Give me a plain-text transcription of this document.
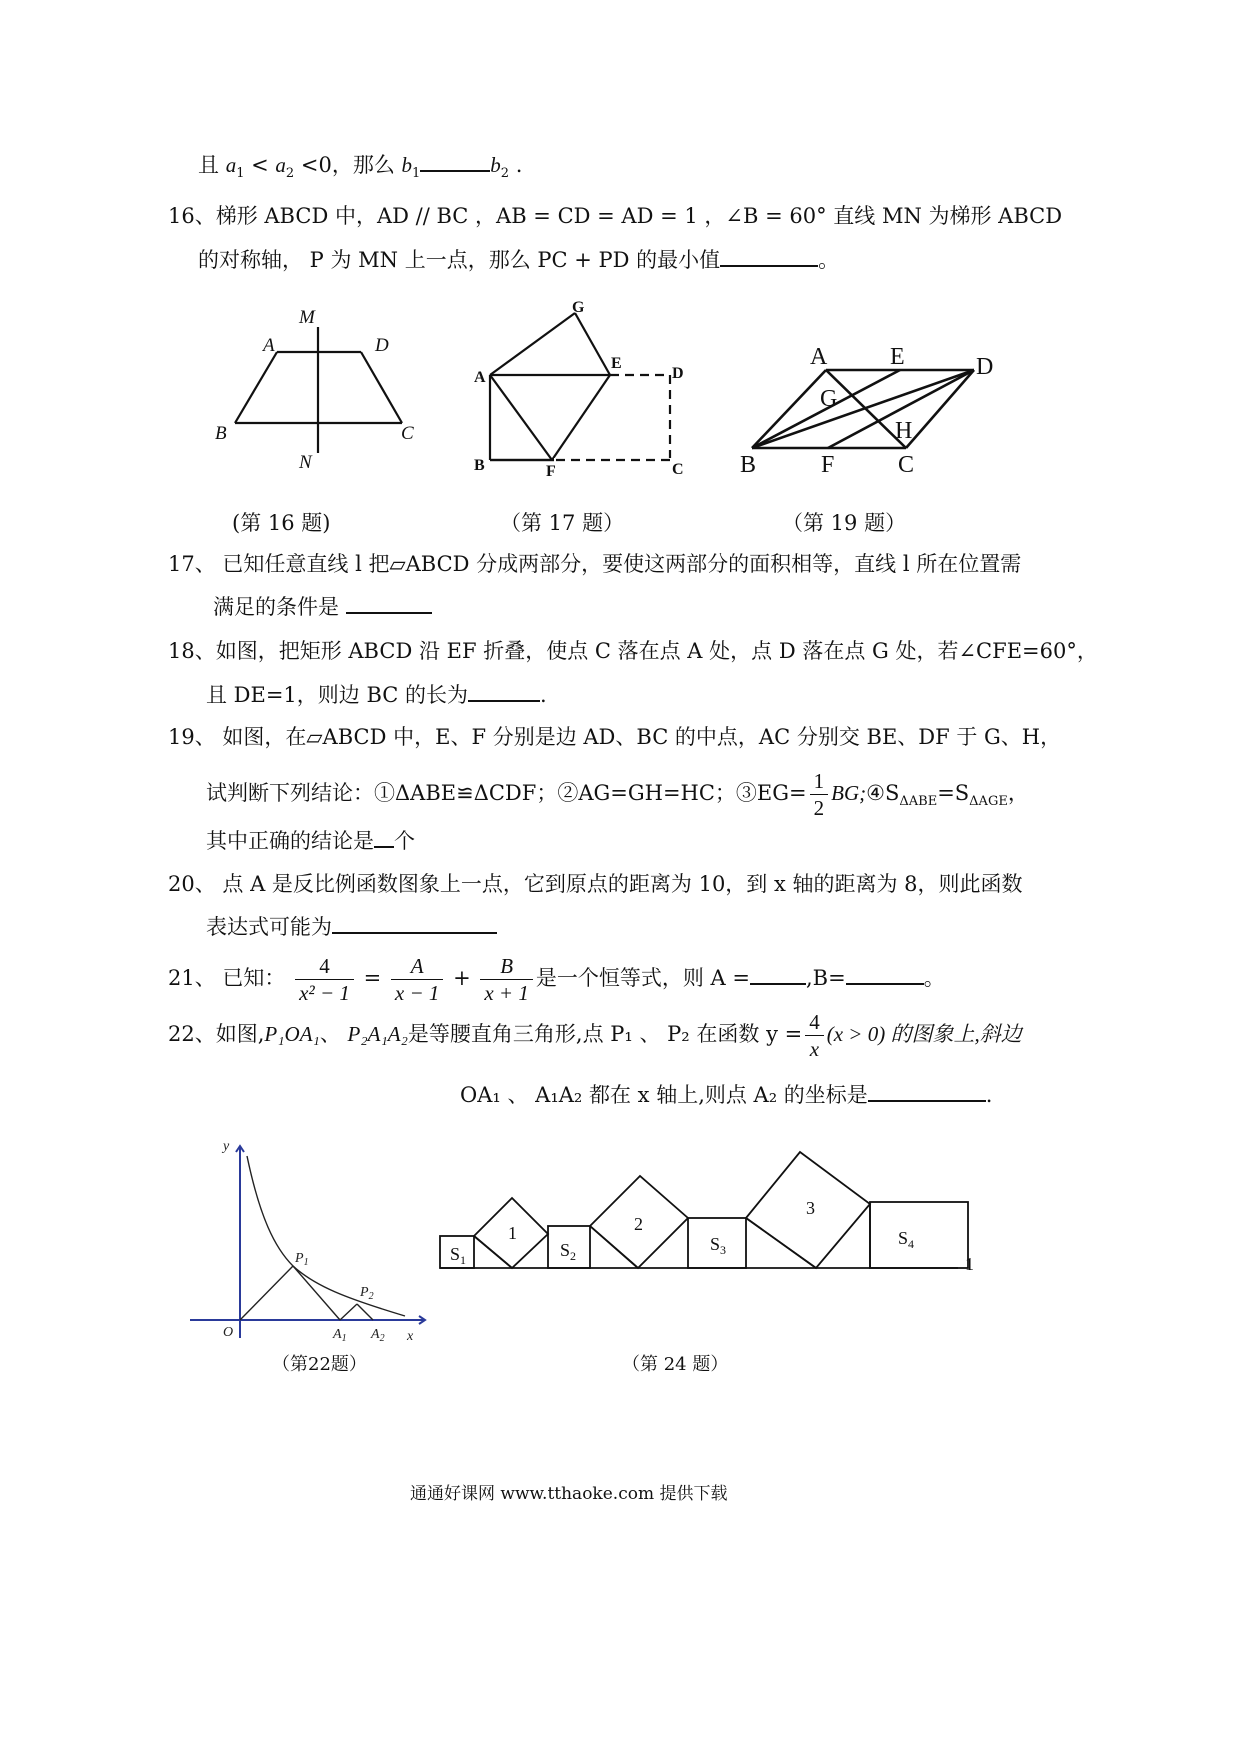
且 $a_1 < a_2 <0$，那么 $b_1$	$b_2$ .
16、梯形 ABCD 中，AD // BC ，AB = CD = AD = 1 ，∠B = 60° 直线 MN 为梯形 ABCD
的对称轴， P 为 MN 上一点，那么 PC + PD 的最小值	。
M
A	D
B	C
N
(第 16 题)
G
A
E
D
B	F	C
（第 17 题）
A	E	D
G
H
B	F	C
（第 19 题）
17、 已知任意直线 l 把▱ABCD 分成两部分，要使这两部分的面积相等，直线 l 所在位置需
满足的条件是
18、如图，把矩形 ABCD 沿 EF 折叠，使点 C 落在点 A 处，点 D 落在点 G 处，若∠CFE=60°，
且 DE=1，则边 BC 的长为	.
19、 如图，在▱ABCD 中，E、F 分别是边 AD、BC 的中点，AC 分别交 BE、DF 于 G、H，
试判断下列结论：①ΔABE≌ΔCDF；②AG=GH=HC；③EG= $\frac{1}{2}$ $BG;④S_{\Delta ABE}=S_{\Delta AGE}$，
其中正确的结论是 个
20、 点 A 是反比例函数图象上一点，它到原点的距离为 10，到 x 轴的距离为 8，则此函数
表达式可能为
21、 已知： $\frac{4}{\text{x² − 1}} = \frac{A}{x - 1} + \frac{B}{x + 1}$ 是一个恒等式，则 A =	,B=	。
22、如图,P₁OA₁、 P₂A₁A₂是等腰直角三角形,点 P₁ 、 P₂ 在函数 $y = \frac{4}{x} (x > 0)$ 的图象上,斜边
OA₁ 、 A₁A₂ 都在 x 轴上,则点 A₂ 的坐标是	.
y
O	x
$P_1$
$P_2$
$A_1$ $A_2$
（第22题）
$S_1$
1
$S_2$
2
$S_3$
3
$S_4$
1
（第 24 题）
通通好课网 www.tthaoke.com 提供下载
